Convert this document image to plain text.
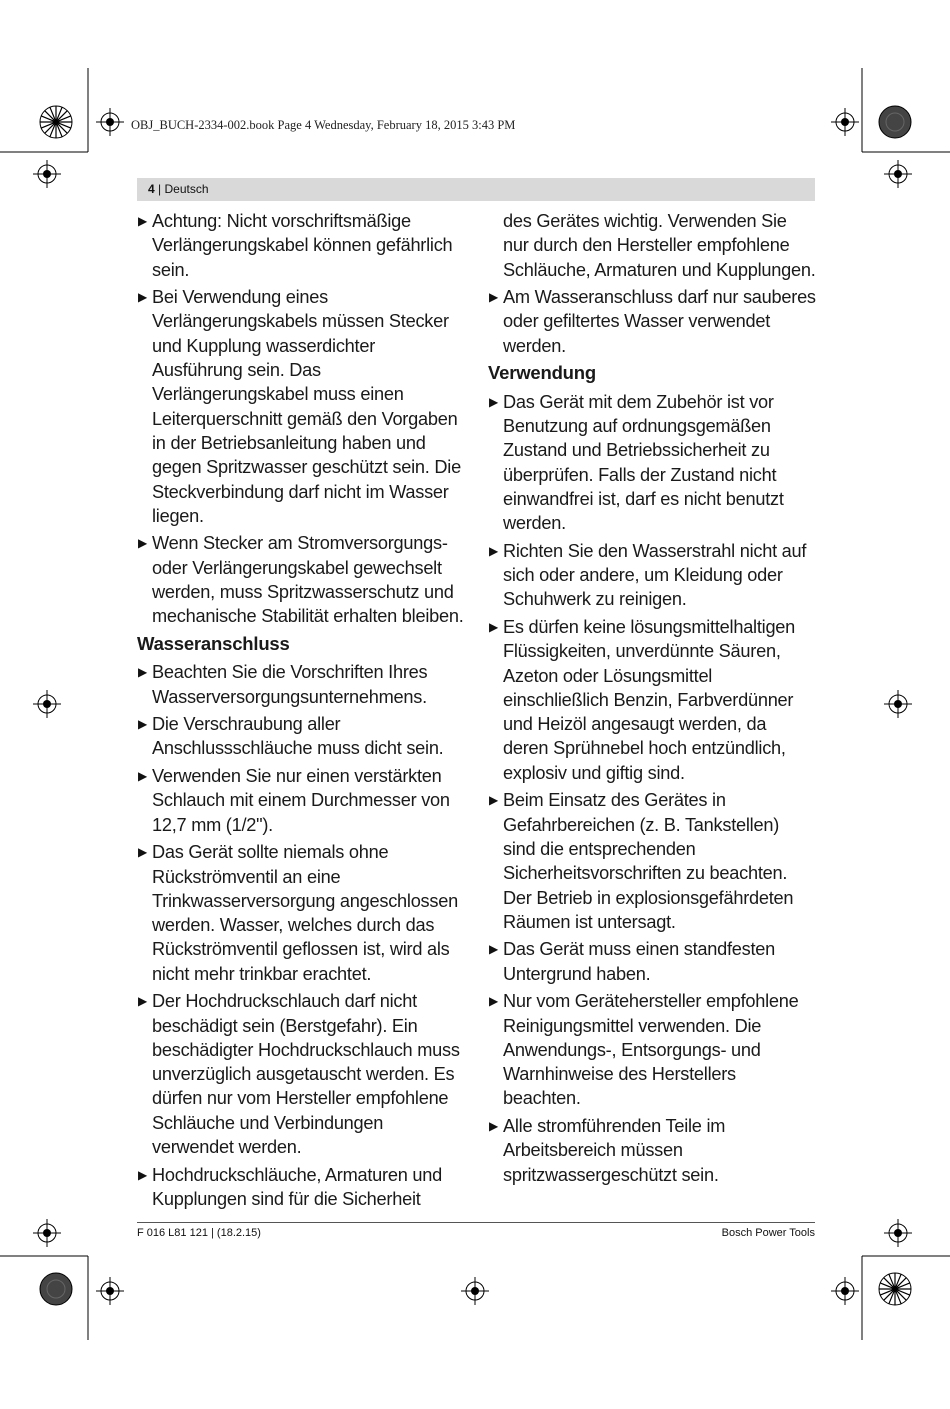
OBJ_BUCH-2334-002.book Page 4 Wednesday, February 18, 2015 3:43 PM
4 | Deutsch
▶ Achtung: Nicht vorschriftsmäßige Verlängerungskabel können gefährlich sein.
▶ Bei Verwendung eines Verlängerungskabels müssen Stecker und Kupplung wasserdichter Ausführung sein. Das Verlängerungskabel muss einen Leiterquerschnitt gemäß den Vorgaben in der Betriebsanleitung haben und gegen Spritzwasser geschützt sein. Die Steckverbindung darf nicht im Wasser liegen.
▶ Wenn Stecker am Stromversorgungs- oder Verlängerungskabel gewechselt werden, muss Spritzwasserschutz und mechanische Stabilität erhalten bleiben.
Wasseranschluss
▶ Beachten Sie die Vorschriften Ihres Wasserversorgungsunternehmens.
▶ Die Verschraubung aller Anschlussschläuche muss dicht sein.
▶ Verwenden Sie nur einen verstärkten Schlauch mit einem Durchmesser von 12,7 mm (1/2").
▶ Das Gerät sollte niemals ohne Rückströmventil an eine Trinkwasserversorgung angeschlossen werden. Wasser, welches durch das Rückströmventil geflossen ist, wird als nicht mehr trinkbar erachtet.
▶ Der Hochdruckschlauch darf nicht beschädigt sein (Berstgefahr). Ein beschädigter Hochdruckschlauch muss unverzüglich ausgetauscht werden. Es dürfen nur vom Hersteller empfohlene Schläuche und Verbindungen verwendet werden.
▶ Hochdruckschläuche, Armaturen und Kupplungen sind für die Sicherheit
des Gerätes wichtig. Verwenden Sie nur durch den Hersteller empfohlene Schläuche, Armaturen und Kupplungen.
▶ Am Wasseranschluss darf nur sauberes oder gefiltertes Wasser verwendet werden.
Verwendung
▶ Das Gerät mit dem Zubehör ist vor Benutzung auf ordnungsgemäßen Zustand und Betriebssicherheit zu überprüfen. Falls der Zustand nicht einwandfrei ist, darf es nicht benutzt werden.
▶ Richten Sie den Wasserstrahl nicht auf sich oder andere, um Kleidung oder Schuhwerk zu reinigen.
▶ Es dürfen keine lösungsmittelhaltigen Flüssigkeiten, unverdünnte Säuren, Azeton oder Lösungsmittel einschließlich Benzin, Farbverdünner und Heizöl angesaugt werden, da deren Sprühnebel hoch entzündlich, explosiv und giftig sind.
▶ Beim Einsatz des Gerätes in Gefahrbereichen (z. B. Tankstellen) sind die entsprechenden Sicherheitsvorschriften zu beachten. Der Betrieb in explosionsgefährdeten Räumen ist untersagt.
▶ Das Gerät muss einen standfesten Untergrund haben.
▶ Nur vom Gerätehersteller empfohlene Reinigungsmittel verwenden. Die Anwendungs-, Entsorgungs- und Warnhinweise des Herstellers beachten.
▶ Alle stromführenden Teile im Arbeitsbereich müssen spritzwassergeschützt sein.
F 016 L81 121 | (18.2.15)	Bosch Power Tools
